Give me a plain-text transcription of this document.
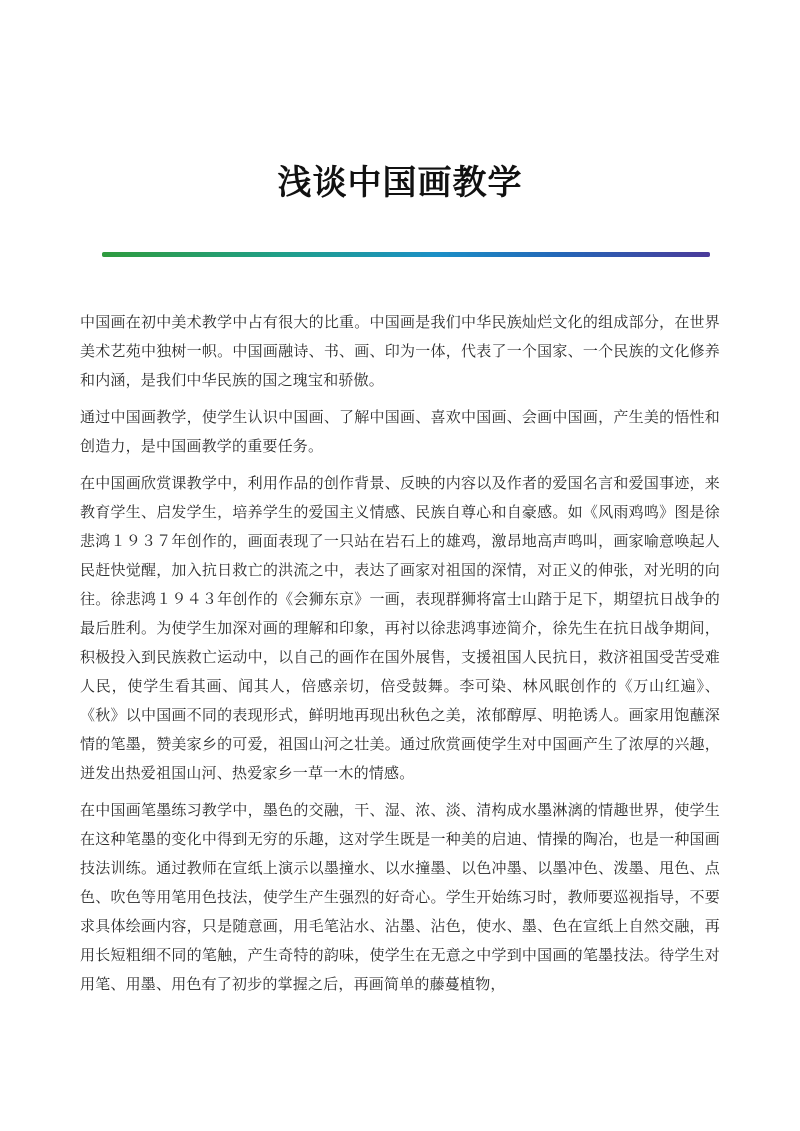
浅谈中国画教学

中国画在初中美术教学中占有很大的比重。中国画是我们中华民族灿烂文化的组成部分，在世界美术艺苑中独树一帜。中国画融诗、书、画、印为一体，代表了一个国家、一个民族的文化修养和内涵，是我们中华民族的国之瑰宝和骄傲。

通过中国画教学，使学生认识中国画、了解中国画、喜欢中国画、会画中国画，产生美的悟性和创造力，是中国画教学的重要任务。

在中国画欣赏课教学中，利用作品的创作背景、反映的内容以及作者的爱国名言和爱国事迹，来教育学生、启发学生，培养学生的爱国主义情感、民族自尊心和自豪感。如《风雨鸡鸣》图是徐悲鸿１９３７年创作的，画面表现了一只站在岩石上的雄鸡，激昂地高声鸣叫，画家喻意唤起人民赶快觉醒，加入抗日救亡的洪流之中，表达了画家对祖国的深情，对正义的伸张，对光明的向往。徐悲鸿１９４３年创作的《会狮东京》一画，表现群狮将富士山踏于足下，期望抗日战争的最后胜利。为使学生加深对画的理解和印象，再衬以徐悲鸿事迹简介，徐先生在抗日战争期间，积极投入到民族救亡运动中，以自己的画作在国外展售，支援祖国人民抗日，救济祖国受苦受难人民，使学生看其画、闻其人，倍感亲切，倍受鼓舞。李可染、林风眠创作的《万山红遍》、《秋》以中国画不同的表现形式，鲜明地再现出秋色之美，浓郁醇厚、明艳诱人。画家用饱蘸深情的笔墨，赞美家乡的可爱，祖国山河之壮美。通过欣赏画使学生对中国画产生了浓厚的兴趣，迸发出热爱祖国山河、热爱家乡一草一木的情感。

在中国画笔墨练习教学中，墨色的交融，干、湿、浓、淡、清构成水墨淋漓的情趣世界，使学生在这种笔墨的变化中得到无穷的乐趣，这对学生既是一种美的启迪、情操的陶冶，也是一种国画技法训练。通过教师在宣纸上演示以墨撞水、以水撞墨、以色冲墨、以墨冲色、泼墨、甩色、点色、吹色等用笔用色技法，使学生产生强烈的好奇心。学生开始练习时，教师要巡视指导，不要求具体绘画内容，只是随意画，用毛笔沾水、沾墨、沾色，使水、墨、色在宣纸上自然交融，再用长短粗细不同的笔触，产生奇特的韵味，使学生在无意之中学到中国画的笔墨技法。待学生对用笔、用墨、用色有了初步的掌握之后，再画简单的藤蔓植物，
